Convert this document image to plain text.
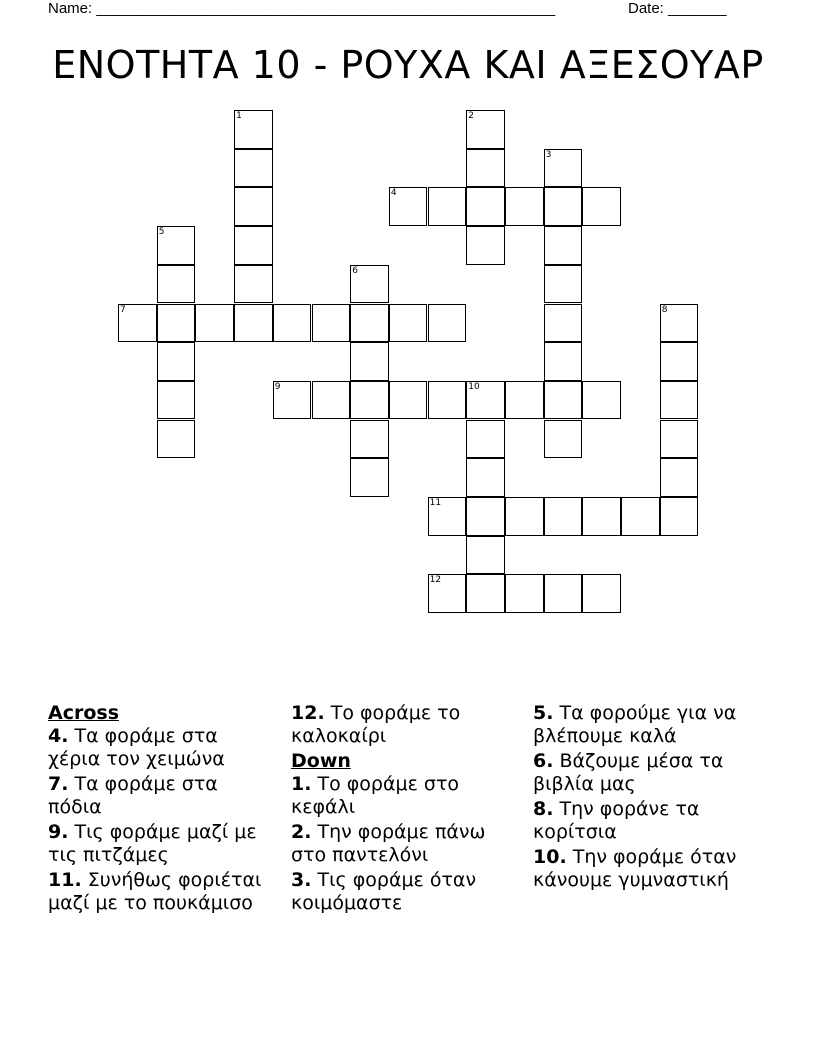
Name: _______________________________________________________	Date: _______
ΕΝΟΤΗΤΑ 10 - ΡΟΥΧΑ ΚΑΙ ΑΞΕΣΟΥΑΡ
1	2
3
4
5
6
7	8
9	10
11
12
Across
4. Τα φοράμε στα χέρια τον χειμώνα
7. Τα φοράμε στα πόδια
9. Τις φοράμε μαζί με τις πιτζάμες
11. Συνήθως φοριέται μαζί με το πουκάμισο
12. Το φοράμε το καλοκαίρι
Down
1. Το φοράμε στο κεφάλι
2. Την φοράμε πάνω στο παντελόνι
3. Τις φοράμε όταν κοιμόμαστε
5. Τα φορούμε για να βλέπουμε καλά
6. Βάζουμε μέσα τα βιβλία μας
8. Την φοράνε τα κορίτσια
10. Την φοράμε όταν κάνουμε γυμναστική
